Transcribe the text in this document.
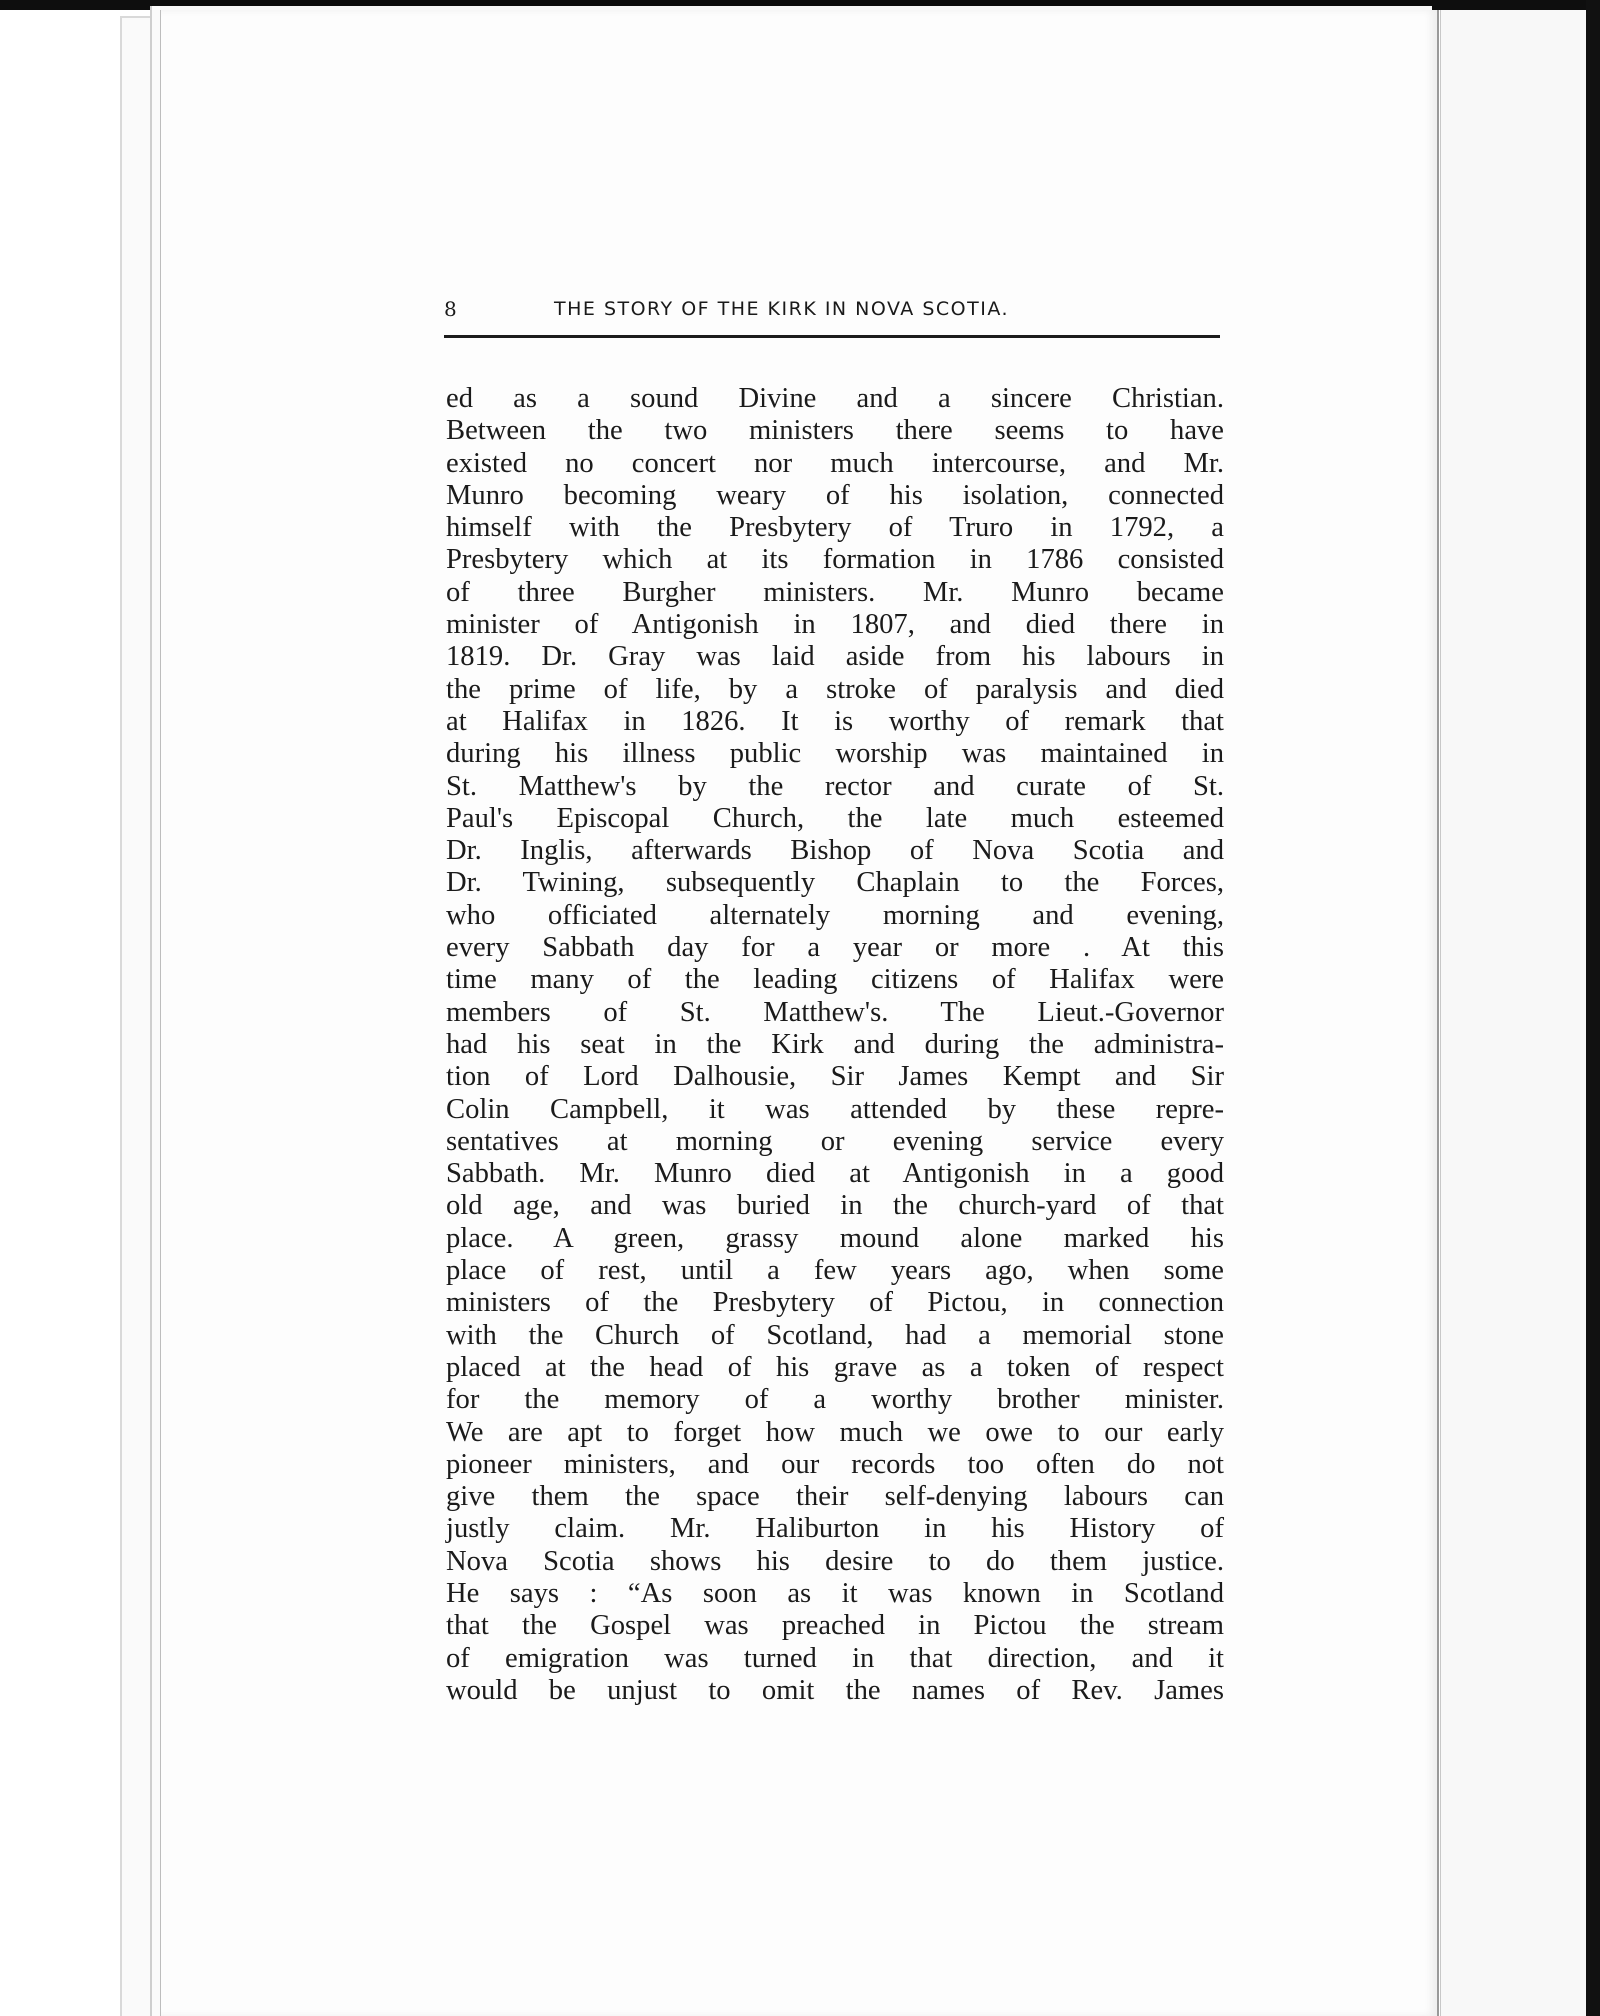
8	THE STORY OF THE KIRK IN NOVA SCOTIA.
ed as a sound Divine and a sincere Christian.
Between the two ministers there seems to have
existed no concert nor much intercourse, and Mr.
Munro becoming weary of his isolation, connected
himself with the Presbytery of Truro in 1792, a
Presbytery which at its formation in 1786 consisted
of three Burgher ministers. Mr. Munro became
minister of Antigonish in 1807, and died there in
1819. Dr. Gray was laid aside from his labours in
the prime of life, by a stroke of paralysis and died
at Halifax in 1826. It is worthy of remark that
during his illness public worship was maintained in
St. Matthew's by the rector and curate of St.
Paul's Episcopal Church, the late much esteemed
Dr. Inglis, afterwards Bishop of Nova Scotia and
Dr. Twining, subsequently Chaplain to the Forces,
who officiated alternately morning and evening,
every Sabbath day for a year or more . At this
time many of the leading citizens of Halifax were
members of St. Matthew's. The Lieut.-Governor
had his seat in the Kirk and during the administra-
tion of Lord Dalhousie, Sir James Kempt and Sir
Colin Campbell, it was attended by these repre-
sentatives at morning or evening service every
Sabbath. Mr. Munro died at Antigonish in a good
old age, and was buried in the church-yard of that
place. A green, grassy mound alone marked his
place of rest, until a few years ago, when some
ministers of the Presbytery of Pictou, in connection
with the Church of Scotland, had a memorial stone
placed at the head of his grave as a token of respect
for the memory of a worthy brother minister.
We are apt to forget how much we owe to our early
pioneer ministers, and our records too often do not
give them the space their self-denying labours can
justly claim. Mr. Haliburton in his History of
Nova Scotia shows his desire to do them justice.
He says : “As soon as it was known in Scotland
that the Gospel was preached in Pictou the stream
of emigration was turned in that direction, and it
would be unjust to omit the names of Rev. James
